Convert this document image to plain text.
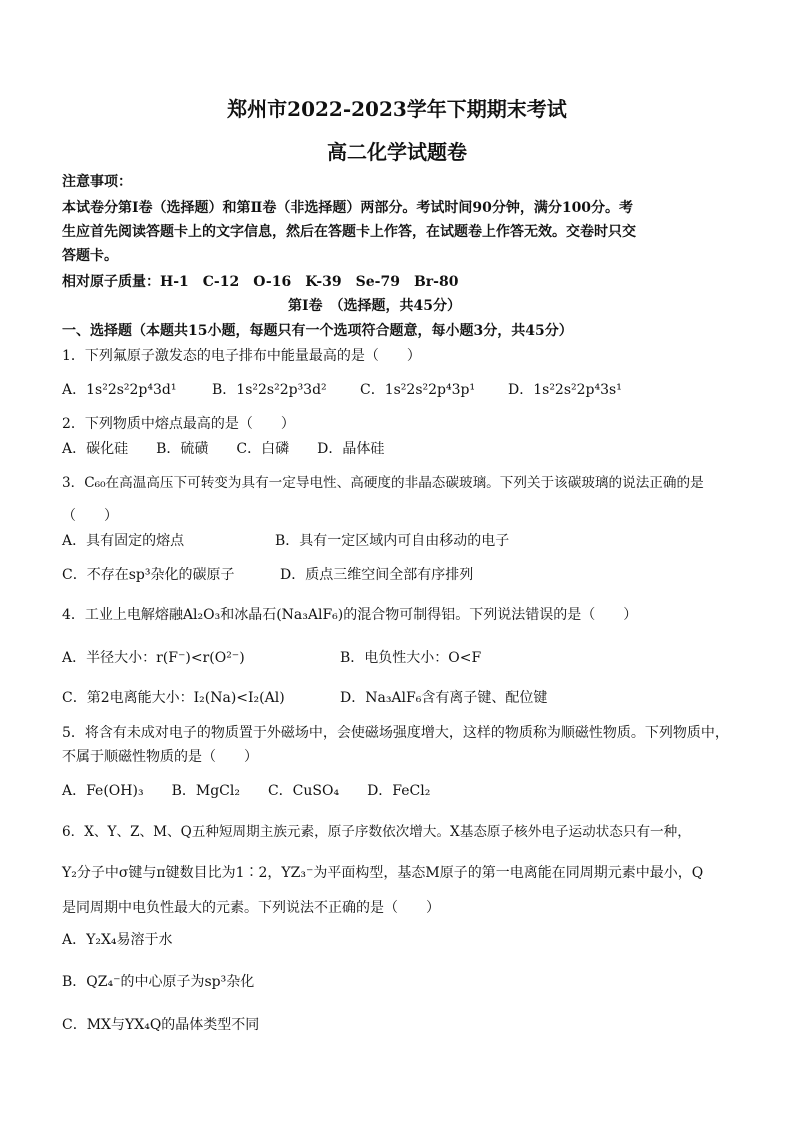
郑州市2022-2023学年下期期末考试
高二化学试题卷
注意事项：
本试卷分第Ⅰ卷（选择题）和第Ⅱ卷（非选择题）两部分。考试时间90分钟，满分100分。考
生应首先阅读答题卡上的文字信息，然后在答题卡上作答，在试题卷上作答无效。交卷时只交
答题卡。
相对原子质量：H-1　C-12　O-16　K-39　Se-79　Br-80
第Ⅰ卷　（选择题，共45分）
一、选择题（本题共15小题，每题只有一个选项符合题意，每小题3分，共45分）
1．下列氟原子激发态的电子排布中能量最高的是（　　）
A．1s²2s²2p⁴3d¹	B．1s²2s²2p³3d² C．1s²2s²2p⁴3p¹ D．1s²2s²2p⁴3s¹
2．下列物质中熔点最高的是（　　）
A．碳化硅　　B．硫磺　　C．白磷　　D．晶体硅
3．C₆₀在高温高压下可转变为具有一定导电性、高硬度的非晶态碳玻璃。下列关于该碳玻璃的说法正确的是
（　　）
A．具有固定的熔点	B．具有一定区域内可自由移动的电子
C．不存在sp³杂化的碳原子	D．质点三维空间全部有序排列
4．工业上电解熔融Al₂O₃和冰晶石(Na₃AlF₆)的混合物可制得铝。下列说法错误的是（　　）
A．半径大小：r(F⁻)<r(O²⁻)	B．电负性大小：O<F
C．第2电离能大小：I₂(Na)<I₂(Al)	D．Na₃AlF₆含有离子键、配位键
5．将含有未成对电子的物质置于外磁场中，会使磁场强度增大，这样的物质称为顺磁性物质。下列物质中，
不属于顺磁性物质的是（　　）
A．Fe(OH)₃　　B．MgCl₂　　C．CuSO₄　　D．FeCl₂
6．X、Y、Z、M、Q五种短周期主族元素，原子序数依次增大。X基态原子核外电子运动状态只有一种，
Y₂分子中σ键与π键数目比为1∶2，YZ₃⁻为平面构型，基态M原子的第一电离能在同周期元素中最小，Q
是同周期中电负性最大的元素。下列说法不正确的是（　　）
A．Y₂X₄易溶于水
B．QZ₄⁻的中心原子为sp³杂化
C．MX与YX₄Q的晶体类型不同
